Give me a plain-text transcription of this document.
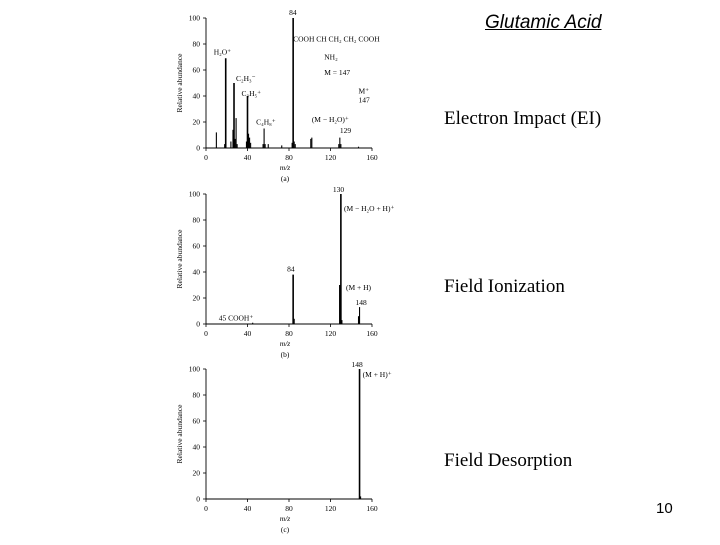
Glutamic Acid
Electron Impact (EI)
Field Ionization
Field Desorption
0
20
40
60
80
100
0	40	80	120	160
m/z
(a)
Relative abundance
84
H₂O⁺
C₂H₃⁻
C₃H₅⁺
C₄H₈⁺
COOH CH CH₂ CH₂ COOH
NH₂
M = 147
M⁺
147
(M − H₂O)⁺
129
0
20
40
60
80
100
0	40	80	120	160
m/z
(b)
Relative abundance
130
(M − H₂O + H)⁺
84
(M + H)
148
45 COOH⁺
0
20
40
60
80
100
0	40	80	120	160
m/z
(c)
Relative abundance
148
(M + H)⁺
10
